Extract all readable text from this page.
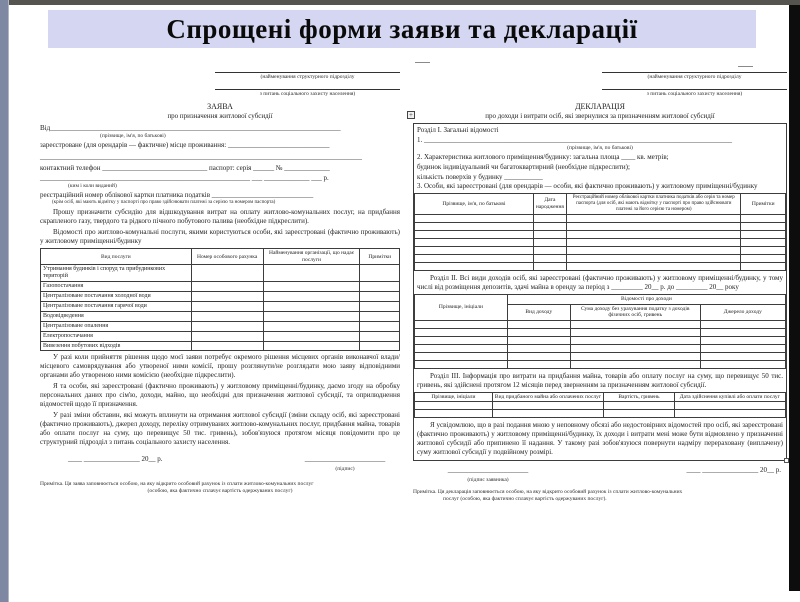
Спрощені форми заяви та декларації
(найменування структурного підрозділу
з питань соціального захисту населення)
ЗАЯВА
про призначення житлової субсидії
Від___________________________________________________________________________________
(прізвище, ім'я, по батькові)
зареєстроване (для орендарів — фактичне) місце проживання: _____________________________
____________________________________________________________________________________________
контактний телефон ______________________________ паспорт: серія ______ № _____________
____________________________________________________________ ___ _____________ ___ р.
(ким і коли виданий)
реєстраційний номер облікової картки платника податків _____________________________
(крім осіб, які мають відмітку у паспорті про право здійснювати платежі за серією та номером паспорта)

Прошу призначити субсидію для відшкодування витрат на оплату житлово-комунальних послуг, на придбання скрапленого газу, твердого та рідкого пічного побутового палива (необхідне підкреслити).

Відомості про житлово-комунальні послуги, якими користуються особи, які зареєстровані (фактично проживають) у житловому приміщенні/будинку

Вид послуги	Номер особового рахунка	Найменування організації, що надає послуги	Примітки
Утримання будинків і споруд та прибудинкових територій			
Газопостачання			
Централізоване постачання холодної води			
Централізоване постачання гарячої води			
Водовідведення			
Централізоване опалення			
Електропостачання			
Вивезення побутових відходів			

У разі коли прийняття рішення щодо моєї заяви потребує окремого рішення місцевих органів виконавчої влади/місцевого самоврядування або утвореної ними комісії, прошу розглянути/не розглядати мою заяву відповідними органами або утвореною ними комісією (необхідне підкреслити).

Я та особи, які зареєстровані (фактично проживають) у житловому приміщенні/будинку, даємо згоду на обробку персональних даних про сім'ю, доходи, майно, що необхідні для призначення житлової субсидії, та оприлюднення відомостей щодо її призначення.

У разі зміни обставин, які можуть вплинути на отримання житлової субсидії (зміни складу осіб, які зареєстровані (фактично проживають), джерел доходу, переліку отримуваних житлово-комунальних послуг, придбання майна, товарів або оплати послуг на суму, що перевищує 50 тис. гривень), зобов'язуюся протягом місяця повідомити про це структурний підрозділ з питань соціального захисту населення.

____ ________________ 20__ р.	_______________________
(підпис)
Примітка. Ця заява заповнюється особою, на яку відкрито особовий рахунок із сплати житлово-комунальних послуг
(особою, яка фактично сплачує вартість одержуваних послуг)
(найменування структурного підрозділу
з питань соціального захисту населення)
ДЕКЛАРАЦІЯ
+	про доходи і витрати осіб, які звернулися за призначенням житлової субсидії
Розділ I. Загальні відомості
1. ________________________________________________________________________________________
(прізвище, ім'я, по батькові)
2. Характеристика житлового приміщення/будинку: загальна площа ____ кв. метрів;
будинок індивідуальний чи багатоквартирний (необхідне підкреслити);
кількість поверхів у будинку ___________
3. Особи, які зареєстровані (для орендарів — особи, які фактично проживають) у житловому приміщенні/будинку
Прізвище, ім'я, по батькові	Дата народження	Реєстраційний номер облікової картки платника податків або серія та номер паспорта (для осіб, які мають відмітку у паспорті про право здійснювати платежі за його серією та номером)	Примітки

Розділ II. Всі види доходів осіб, які зареєстровані (фактично проживають) у житловому приміщенні/будинку, у тому числі від розміщення депозитів, здачі майна в оренду за період з _________ 20__ р. до _________ 20__ року

Прізвище, ініціали	Відомості про доходи		
	Вид доходу	Сума доходу без урахування податку з доходів фізичних осіб, гривень	Джерело доходу

Розділ III. Інформація про витрати на придбання майна, товарів або оплату послуг на суму, що перевищує 50 тис. гривень, які здійснені протягом 12 місяців перед зверненням за призначенням житлової субсидії.

Прізвище, ініціали	Вид придбаного майна або оплачених послуг	Вартість, гривень	Дата здійснення купівлі або оплати послуг

Я усвідомлюю, що в разі подання мною у неповному обсязі або недостовірних відомостей про осіб, які зареєстровані (фактично проживають) у житловому приміщенні/будинку, їх доходи і витрати мені може бути відмовлено у призначенні житлової субсидії або припинено її надання. У такому разі зобов'язуюся повернути надміру перераховану (виплачену) суму житлової субсидії у подвійному розмірі.

_______________________
(підпис заявника)
____ ________________ 20__ р.
Примітка. Ця декларація заповнюється особою, на яку відкрито особовий рахунок із сплати житлово-комунальних
послуг (особою, яка фактично сплачує вартість одержуваних послуг).
